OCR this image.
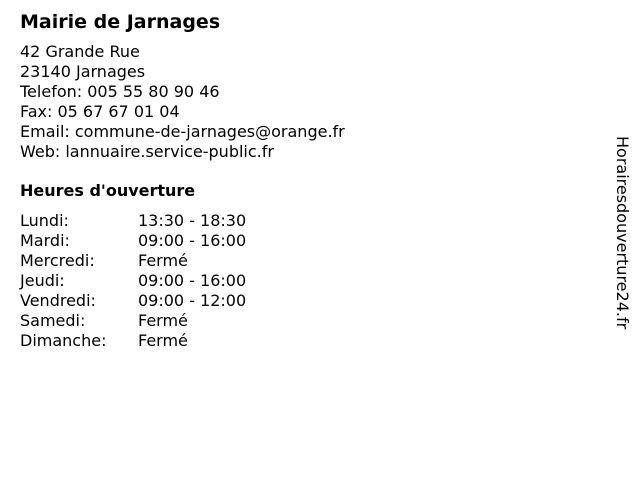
Mairie de Jarnages
42 Grande Rue
23140 Jarnages
Telefon: 005 55 80 90 46
Fax: 05 67 67 01 04
Email: commune-de-jarnages@orange.fr
Web: lannuaire.service-public.fr
Heures d'ouverture
Lundi:	13:30 - 18:30
Mardi:	09:00 - 16:00
Mercredi:	Fermé
Jeudi:	09:00 - 16:00
Vendredi:	09:00 - 12:00
Samedi:	Fermé
Dimanche: Fermé
Horairesdouverture24.fr
